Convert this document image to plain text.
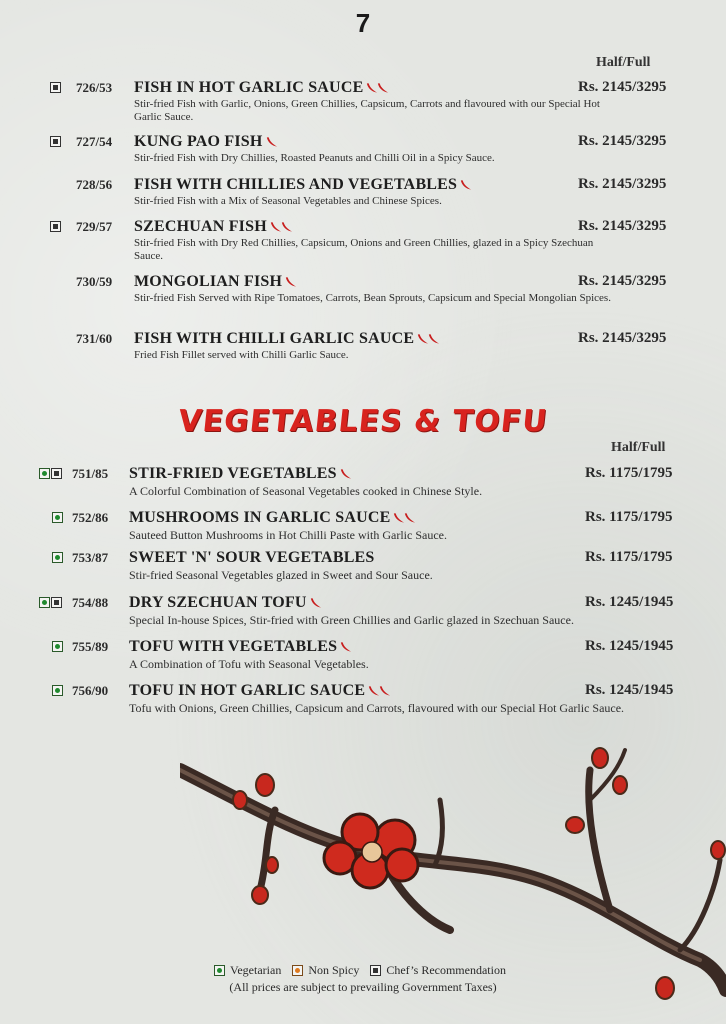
7
Half/Full
726/53 FISH IN HOT GARLIC SAUCE	Rs. 2145/3295
Stir-fried Fish with Garlic, Onions, Green Chillies, Capsicum, Carrots and flavoured with our Special Hot Garlic Sauce.
727/54 KUNG PAO FISH	Rs. 2145/3295
Stir-fried Fish with Dry Chillies, Roasted Peanuts and Chilli Oil in a Spicy Sauce.
728/56 FISH WITH CHILLIES AND VEGETABLES	Rs. 2145/3295
Stir-fried Fish with a Mix of Seasonal Vegetables and Chinese Spices.
729/57 SZECHUAN FISH	Rs. 2145/3295
Stir-fried Fish with Dry Red Chillies, Capsicum, Onions and Green Chillies, glazed in a Spicy Szechuan Sauce.
730/59 MONGOLIAN FISH	Rs. 2145/3295
Stir-fried Fish Served with Ripe Tomatoes, Carrots, Bean Sprouts, Capsicum and Special Mongolian Spices.
731/60 FISH WITH CHILLI GARLIC SAUCE	Rs. 2145/3295
Fried Fish Fillet served with Chilli Garlic Sauce.
VEGETABLES & TOFU
Half/Full
751/85 STIR-FRIED VEGETABLES	Rs. 1175/1795
A Colorful Combination of Seasonal Vegetables cooked in Chinese Style.
752/86 MUSHROOMS IN GARLIC SAUCE	Rs. 1175/1795
Sauteed Button Mushrooms in Hot Chilli Paste with Garlic Sauce.
753/87 SWEET 'N' SOUR VEGETABLES	Rs. 1175/1795
Stir-fried Seasonal Vegetables glazed in Sweet and Sour Sauce.
754/88 DRY SZECHUAN TOFU	Rs. 1245/1945
Special In-house Spices, Stir-fried with Green Chillies and Garlic glazed in Szechuan Sauce.
755/89 TOFU WITH VEGETABLES	Rs. 1245/1945
A Combination of Tofu with Seasonal Vegetables.
756/90 TOFU IN HOT GARLIC SAUCE	Rs. 1245/1945
Tofu with Onions, Green Chillies, Capsicum and Carrots, flavoured with our Special Hot Garlic Sauce.
Vegetarian Non Spicy Chef’s Recommendation
(All prices are subject to prevailing Government Taxes)
